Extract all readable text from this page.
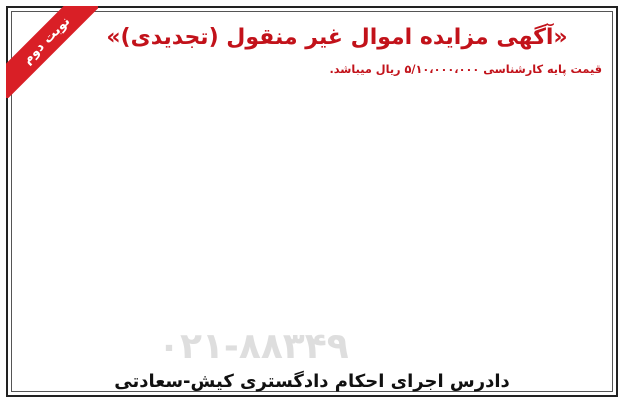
نوبت دوم	«آگهی مزایده اموال غیر منقول (تجدیدی)»
قیمت پایه کارشناسی ۵/۱۰،۰۰۰،۰۰۰ ریال میباشد.
۰۲۱-۸۸۳۴۹
دادرس اجرای احکام دادگستری کیش-سعادتی
